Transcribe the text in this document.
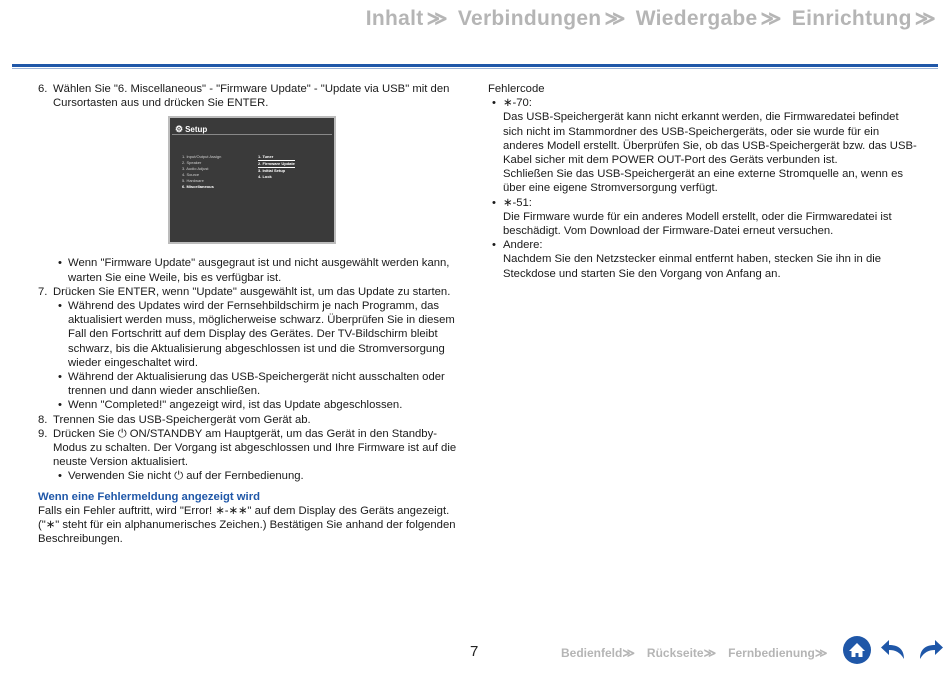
Inhalt ≫ Verbindungen ≫ Wiedergabe ≫ Einrichtung ≫
6. Wählen Sie "6. Miscellaneous" - "Firmware Update" - "Update via USB" mit den Cursortasten aus und drücken Sie ENTER.
⚙ Setup
1. Input/Output Assign
2. Speaker
3. Audio Adjust
4. Source
5. Hardware
6. Miscellaneous
1. Tuner
2. Firmware Update
3. Initial Setup
4. Lock
• Wenn "Firmware Update" ausgegraut ist und nicht ausgewählt werden kann, warten Sie eine Weile, bis es verfügbar ist.
7. Drücken Sie ENTER, wenn "Update" ausgewählt ist, um das Update zu starten.
• Während des Updates wird der Fernsehbildschirm je nach Programm, das aktualisiert werden muss, möglicherweise schwarz. Überprüfen Sie in diesem Fall den Fortschritt auf dem Display des Gerätes. Der TV-Bildschirm bleibt schwarz, bis die Aktualisierung abgeschlossen ist und die Stromversorgung wieder eingeschaltet wird.
• Während der Aktualisierung das USB-Speichergerät nicht ausschalten oder trennen und dann wieder anschließen.
• Wenn "Completed!" angezeigt wird, ist das Update abgeschlossen.
8. Trennen Sie das USB-Speichergerät vom Gerät ab.
9. Drücken Sie ⏻ ON/STANDBY am Hauptgerät, um das Gerät in den Standby-Modus zu schalten. Der Vorgang ist abgeschlossen und Ihre Firmware ist auf die neuste Version aktualisiert.
• Verwenden Sie nicht ⏻ auf der Fernbedienung.
Wenn eine Fehlermeldung angezeigt wird
Falls ein Fehler auftritt, wird "Error! ∗-∗∗" auf dem Display des Geräts angezeigt. ("∗" steht für ein alphanumerisches Zeichen.) Bestätigen Sie anhand der folgenden Beschreibungen.
Fehlercode
• ∗-70:
Das USB-Speichergerät kann nicht erkannt werden, die Firmwaredatei befindet sich nicht im Stammordner des USB-Speichergeräts, oder sie wurde für ein anderes Modell erstellt. Überprüfen Sie, ob das USB-Speichergerät bzw. das USB-Kabel sicher mit dem POWER OUT-Port des Geräts verbunden ist.
Schließen Sie das USB-Speichergerät an eine externe Stromquelle an, wenn es über eine eigene Stromversorgung verfügt.
• ∗-51:
Die Firmware wurde für ein anderes Modell erstellt, oder die Firmwaredatei ist beschädigt. Vom Download der Firmware-Datei erneut versuchen.
• Andere:
Nachdem Sie den Netzstecker einmal entfernt haben, stecken Sie ihn in die Steckdose und starten Sie den Vorgang von Anfang an.
7	Bedienfeld≫ Rückseite≫ Fernbedienung≫
